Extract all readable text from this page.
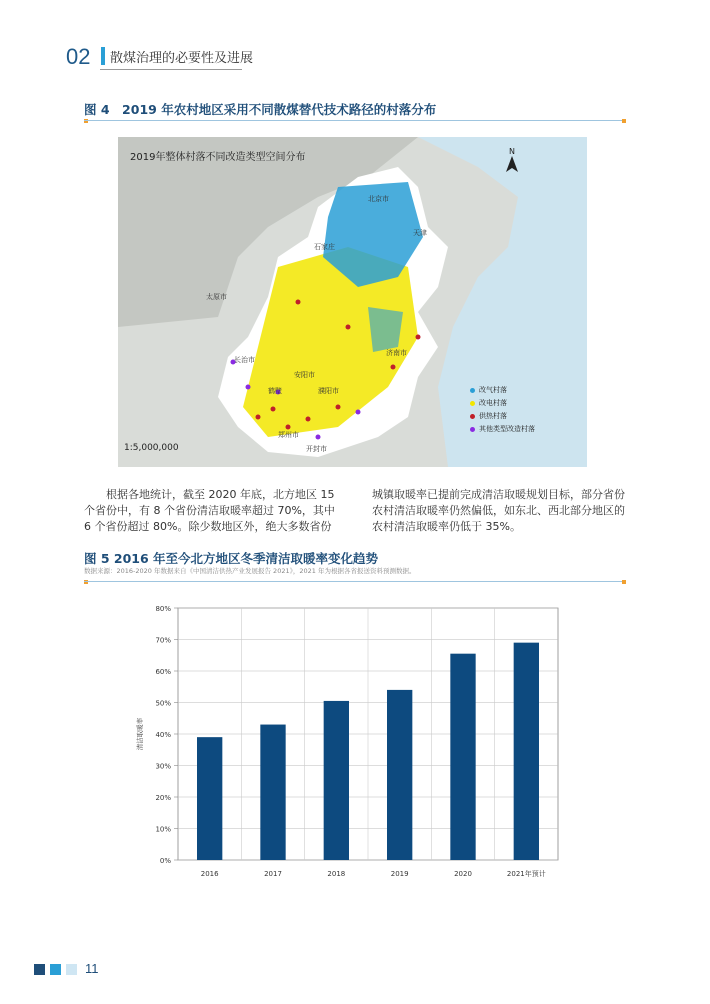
02 散煤治理的必要性及进展
图 4　2019 年农村地区采用不同散煤替代技术路径的村落分布
北京市
天津
石家庄
太原市
济南市
安阳市
濮阳市
鹤壁
郑州市
开封市
长治市
2019年整体村落不同改造类型空间分布
N
改气村落
改电村落
供热村落
其他类型改造村落
1:5,000,000
　　根据各地统计，截至 2020 年底，北方地区 15 个省份中，有 8 个省份清洁取暖率超过 70%，其中 6 个省份超过 80%。除少数地区外，绝大多数省份
城镇取暖率已提前完成清洁取暖规划目标，部分省份农村清洁取暖率仍然偏低，如东北、西北部分地区的农村清洁取暖率仍低于 35%。
图 5 2016 年至今北方地区冬季清洁取暖率变化趋势
数据来源：2016-2020 年数据来自《中国清洁供热产业发展报告 2021》，2021 年为根据各省报送资料预测数据。
0%
10%
20%
30%
40%
50%
60%
70%
80%
2016	2017	2018	2019	2020	2021年预计
清洁取暖率
11
